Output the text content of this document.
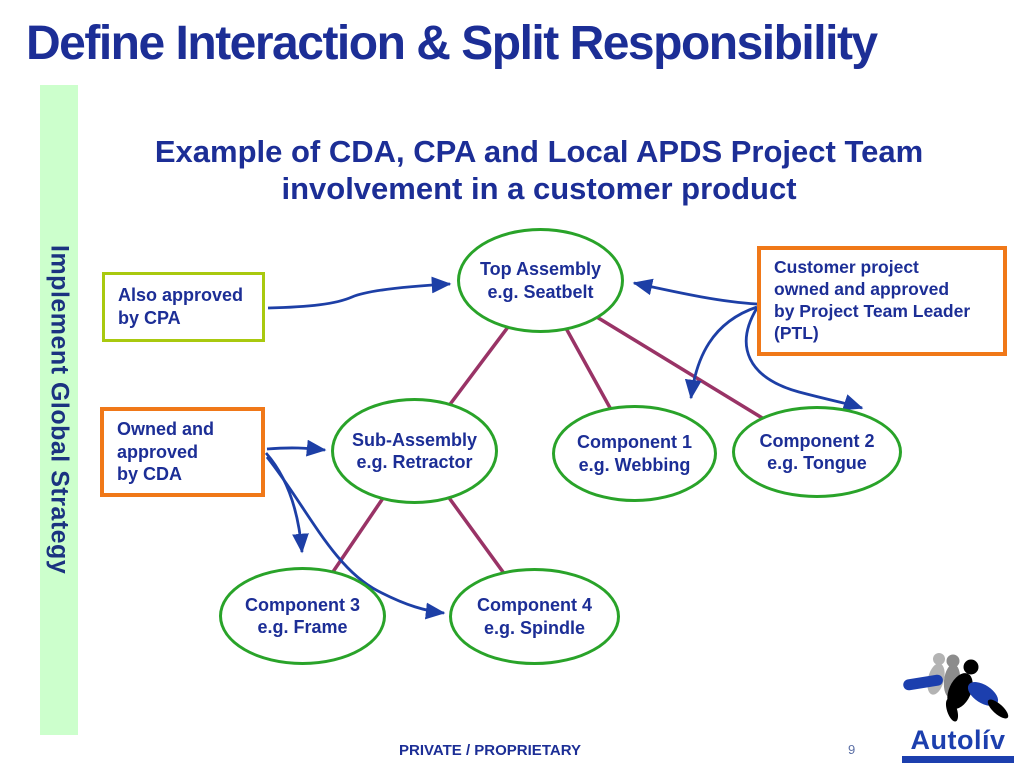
Define Interaction & Split Responsibility
Implement Global Strategy
Example of CDA, CPA and Local APDS Project Team
involvement in a customer product
Top Assembly
e.g. Seatbelt
Sub-Assembly
e.g. Retractor
Component 1
e.g. Webbing
Component 2
e.g. Tongue
Component 3
e.g. Frame
Component 4
e.g. Spindle
Also approved
by CPA
Customer project
owned and approved
by Project Team Leader
(PTL)
Owned and
approved
by CDA
PRIVATE / PROPRIETARY	9	Autolív
